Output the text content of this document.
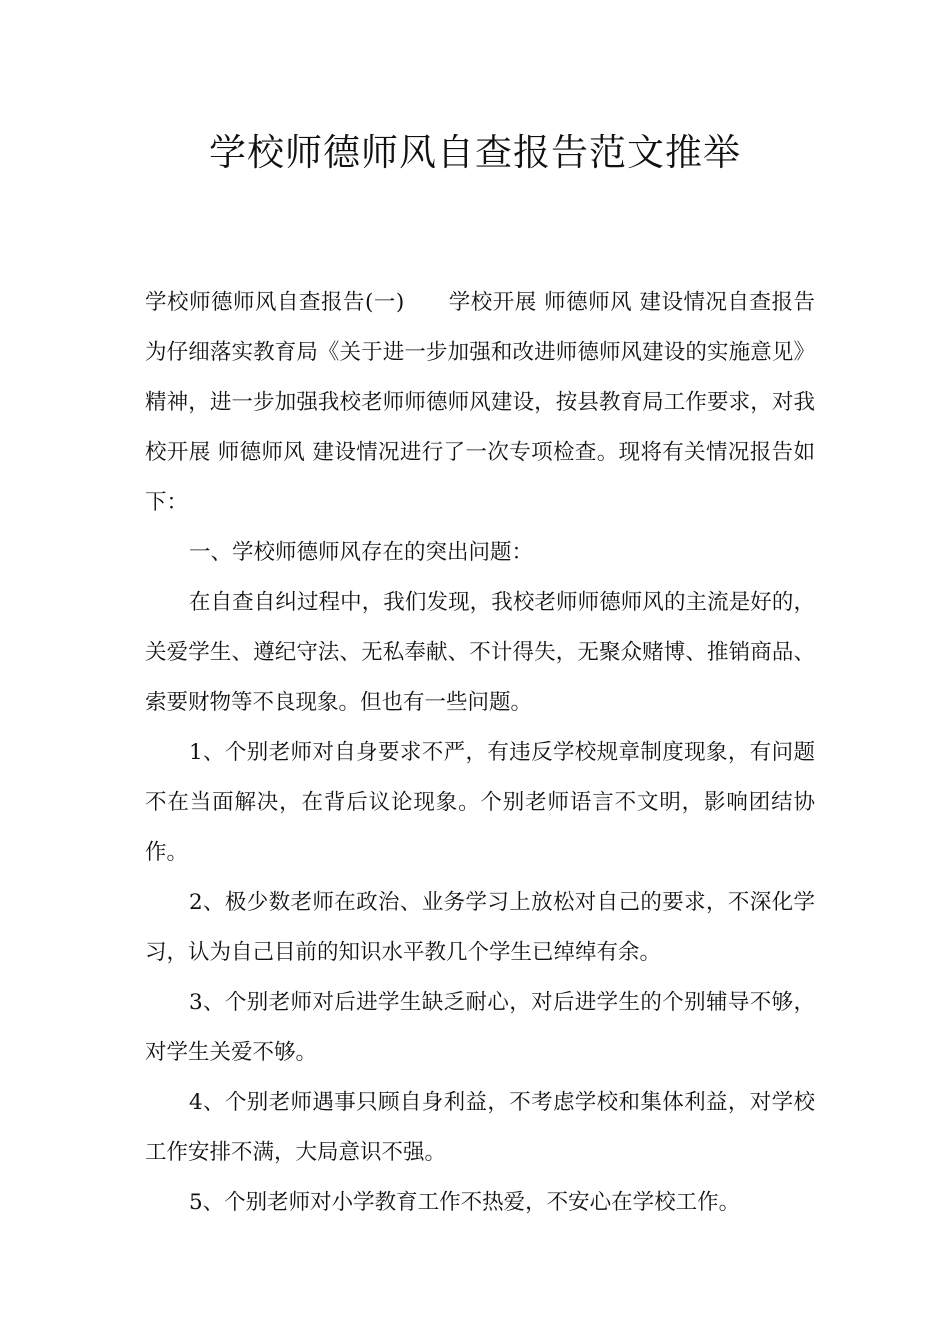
学校师德师风自查报告范文推举

学校师德师风自查报告(一)　　学校开展 师德师风 建设情况自查报告 为仔细落实教育局《关于进一步加强和改进师德师风建设的实施意见》精神，进一步加强我校老师师德师风建设，按县教育局工作要求，对我校开展 师德师风 建设情况进行了一次专项检查。现将有关情况报告如下：

一、学校师德师风存在的突出问题：

在自查自纠过程中，我们发现，我校老师师德师风的主流是好的，关爱学生、遵纪守法、无私奉献、不计得失，无聚众赌博、推销商品、索要财物等不良现象。但也有一些问题。

1、个别老师对自身要求不严，有违反学校规章制度现象，有问题不在当面解决，在背后议论现象。个别老师语言不文明，影响团结协作。

2、极少数老师在政治、业务学习上放松对自己的要求，不深化学习，认为自己目前的知识水平教几个学生已绰绰有余。

3、个别老师对后进学生缺乏耐心，对后进学生的个别辅导不够，对学生关爱不够。

4、个别老师遇事只顾自身利益，不考虑学校和集体利益，对学校工作安排不满，大局意识不强。

5、个别老师对小学教育工作不热爱，不安心在学校工作。
